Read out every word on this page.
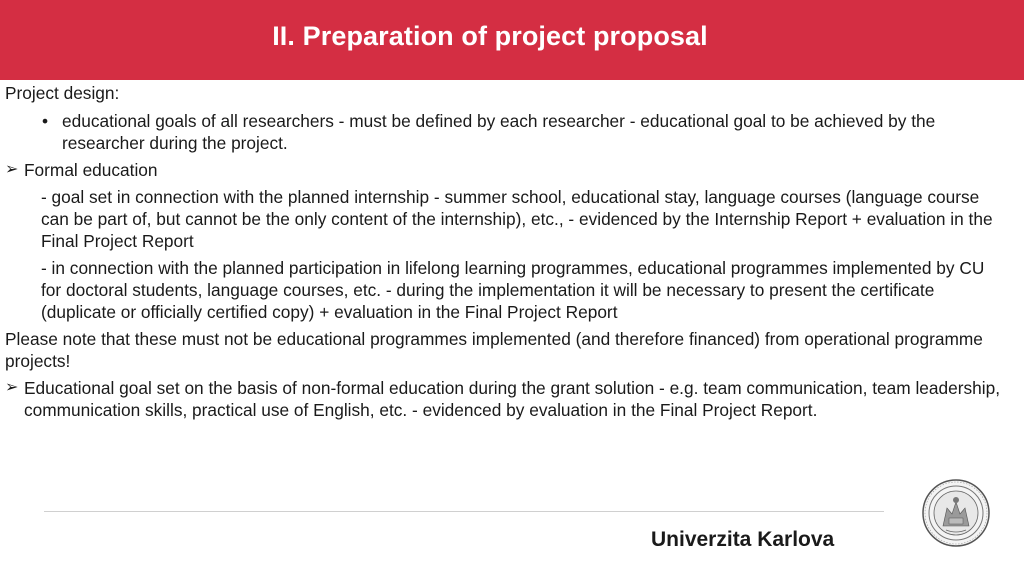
II. Preparation of project proposal

Project design:

• educational goals of all researchers - must be defined by each researcher - educational goal to be achieved by the researcher during the project.
➢ Formal education
- goal set in connection with the planned internship - summer school, educational stay, language courses (language course can be part of, but cannot be the only content of the internship), etc., - evidenced by the Internship Report + evaluation in the Final Project Report
- in connection with the planned participation in lifelong learning programmes, educational programmes implemented by CU for doctoral students, language courses, etc. - during the implementation it will be necessary to present the certificate (duplicate or officially certified copy) + evaluation in the Final Project Report

Please note that these must not be educational programmes implemented (and therefore financed) from operational programme projects!

➢ Educational goal set on the basis of non-formal education during the grant solution - e.g. team communication, team leadership, communication skills, practical use of English, etc. - evidenced by evaluation in the Final Project Report.
Univerzita Karlova
